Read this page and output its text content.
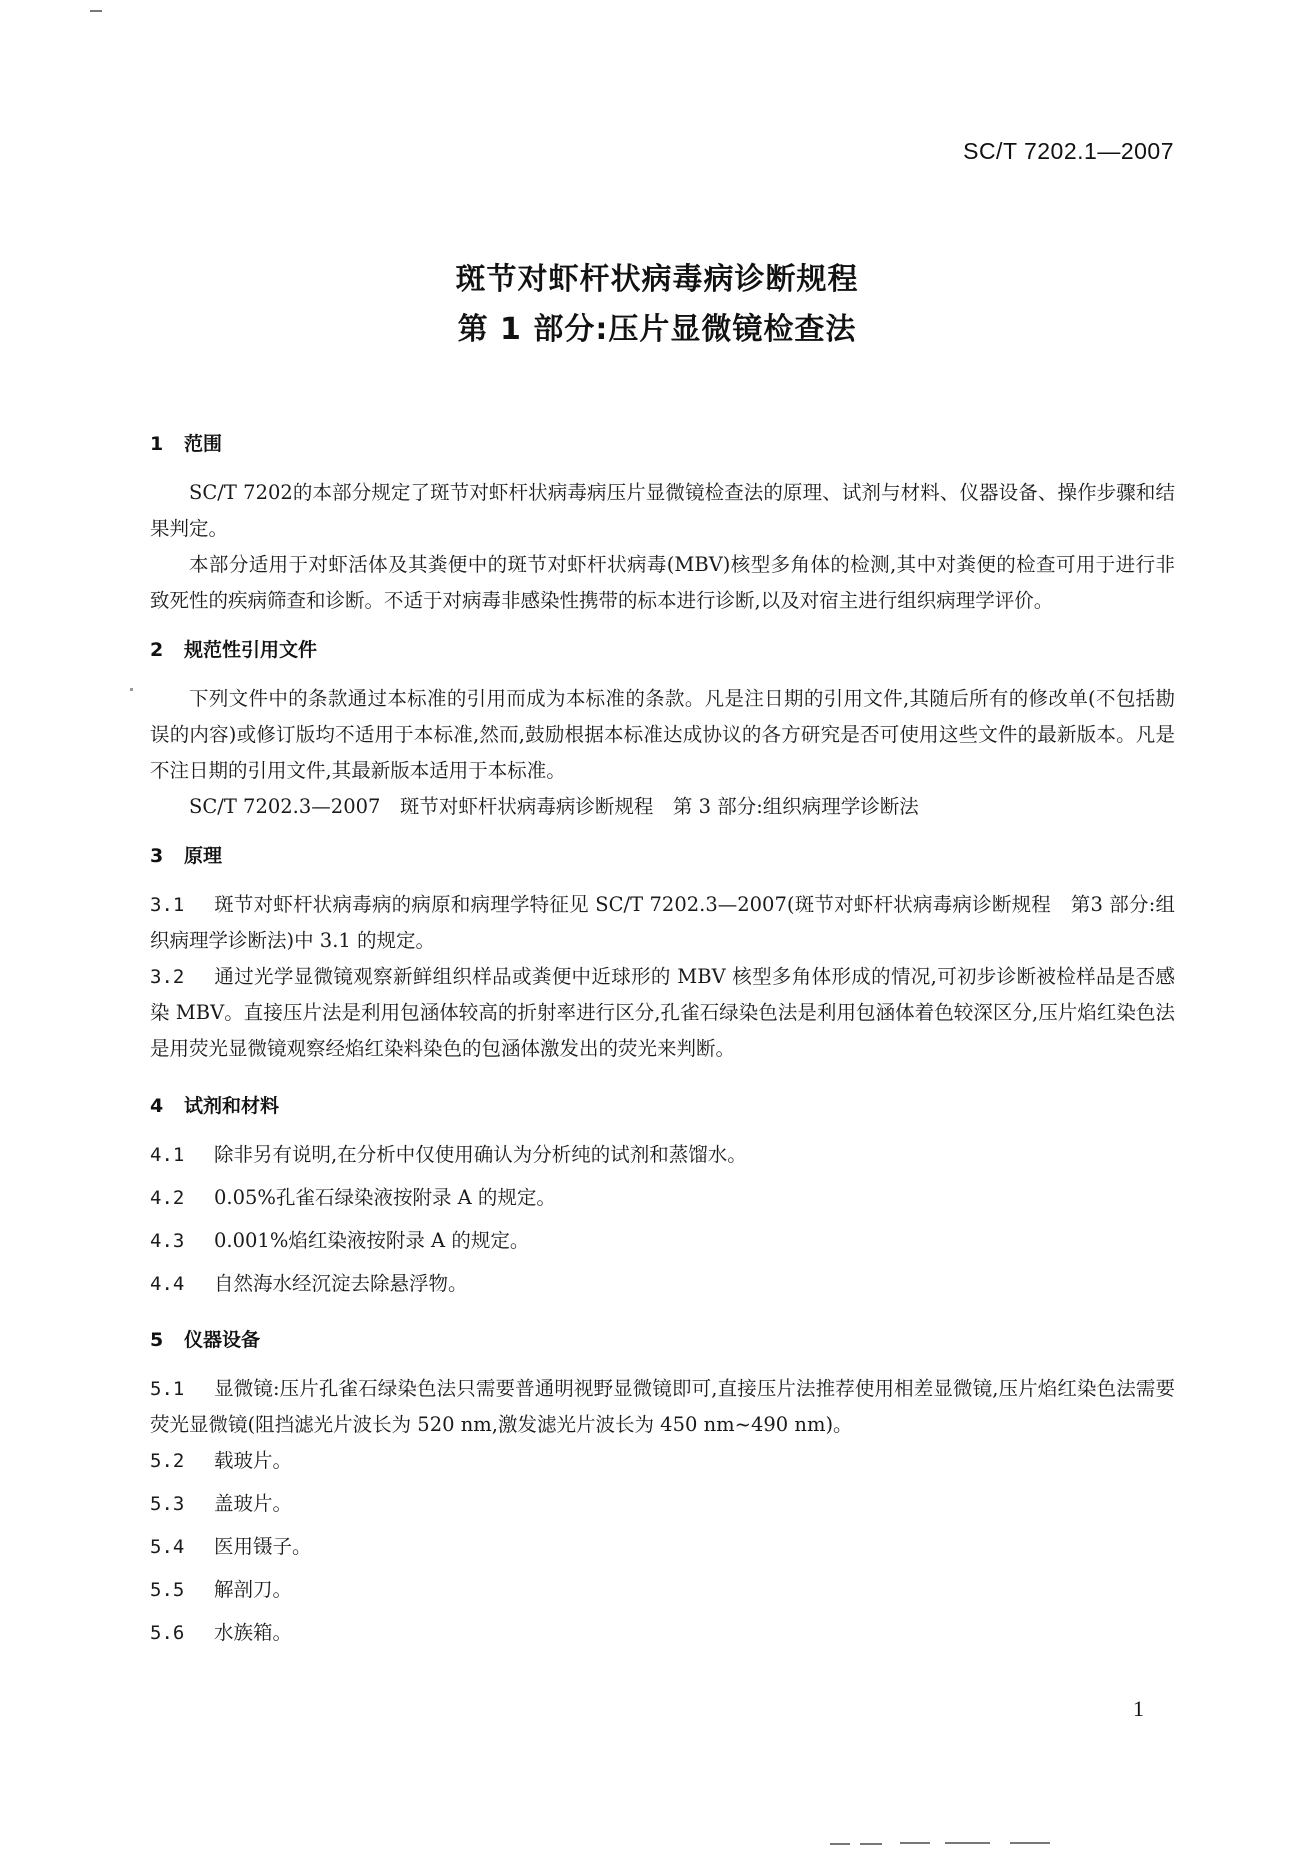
SC/T 7202.1—2007
斑节对虾杆状病毒病诊断规程
第 1 部分:压片显微镜检查法
1 范围

SC/T 7202的本部分规定了斑节对虾杆状病毒病压片显微镜检查法的原理、试剂与材料、仪器设备、操作步骤和结果判定。

本部分适用于对虾活体及其粪便中的斑节对虾杆状病毒(MBV)核型多角体的检测,其中对粪便的检查可用于进行非致死性的疾病筛查和诊断。不适于对病毒非感染性携带的标本进行诊断,以及对宿主进行组织病理学评价。

2 规范性引用文件

下列文件中的条款通过本标准的引用而成为本标准的条款。凡是注日期的引用文件,其随后所有的修改单(不包括勘误的内容)或修订版均不适用于本标准,然而,鼓励根据本标准达成协议的各方研究是否可使用这些文件的最新版本。凡是不注日期的引用文件,其最新版本适用于本标准。

SC/T 7202.3—2007　斑节对虾杆状病毒病诊断规程　第 3 部分:组织病理学诊断法

3 原理

3.1 斑节对虾杆状病毒病的病原和病理学特征见 SC/T 7202.3—2007(斑节对虾杆状病毒病诊断规程　第3 部分:组织病理学诊断法)中 3.1 的规定。

3.2 通过光学显微镜观察新鲜组织样品或粪便中近球形的 MBV 核型多角体形成的情况,可初步诊断被检样品是否感染 MBV。直接压片法是利用包涵体较高的折射率进行区分,孔雀石绿染色法是利用包涵体着色较深区分,压片焰红染色法是用荧光显微镜观察经焰红染料染色的包涵体激发出的荧光来判断。

4 试剂和材料

4.1 除非另有说明,在分析中仅使用确认为分析纯的试剂和蒸馏水。

4.2 0.05%孔雀石绿染液按附录 A 的规定。

4.3 0.001%焰红染液按附录 A 的规定。

4.4 自然海水经沉淀去除悬浮物。

5 仪器设备

5.1 显微镜:压片孔雀石绿染色法只需要普通明视野显微镜即可,直接压片法推荐使用相差显微镜,压片焰红染色法需要荧光显微镜(阻挡滤光片波长为 520 nm,激发滤光片波长为 450 nm~490 nm)。

5.2 载玻片。

5.3 盖玻片。

5.4 医用镊子。

5.5 解剖刀。

5.6 水族箱。

1
